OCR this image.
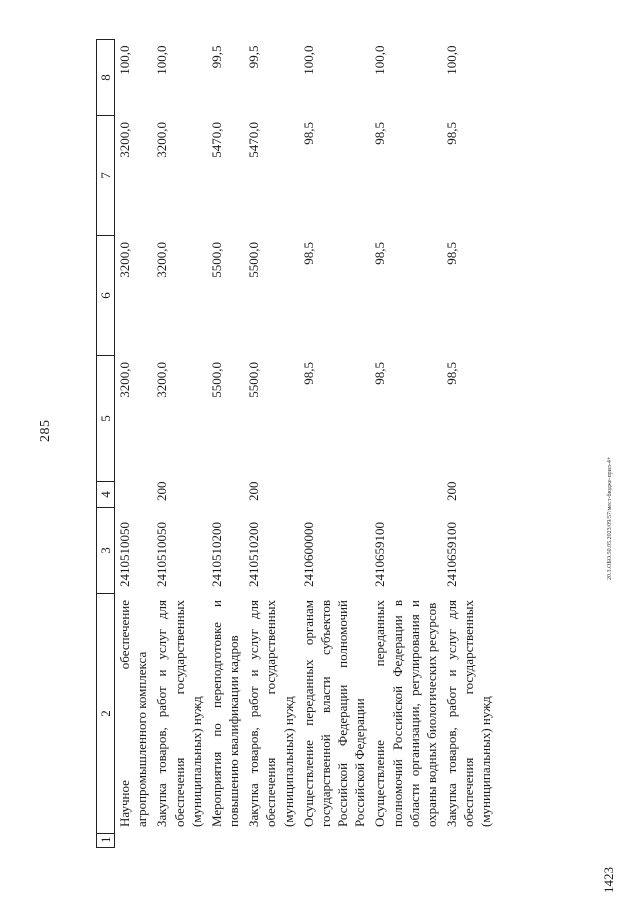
285
1	2	3	4	5	6	7	8
	Научное обеспечение агропромышленного комплекса	2410510050		3200,0	3200,0	3200,0	100,0
	Закупка товаров, работ и услуг для обеспечения государственных (муниципальных) нужд	2410510050	200	3200,0	3200,0	3200,0	100,0
	Мероприятия по переподготовке и повышению квалификации кадров	2410510200		5500,0	5500,0	5470,0	99,5
	Закупка товаров, работ и услуг для обеспечения государственных (муниципальных) нужд	2410510200	200	5500,0	5500,0	5470,0	99,5
	Осуществление переданных органам государственной власти субъектов Российской Федерации полномочий Российской Федерации	2410600000		98,5	98,5	98,5	100,0
	Осуществление переданных полномочий Российской Федерации в области организации, регулирования и охраны водных биологических ресурсов	2410659100		98,5	98,5	98,5	100,0
	Закупка товаров, работ и услуг для обеспечения государственных (муниципальных) нужд	2410659100	200	98,5	98,5	98,5	100,0
20.3.ОБО.50.05.2023/09/57/мест-бюдже-прил-4+
1423
